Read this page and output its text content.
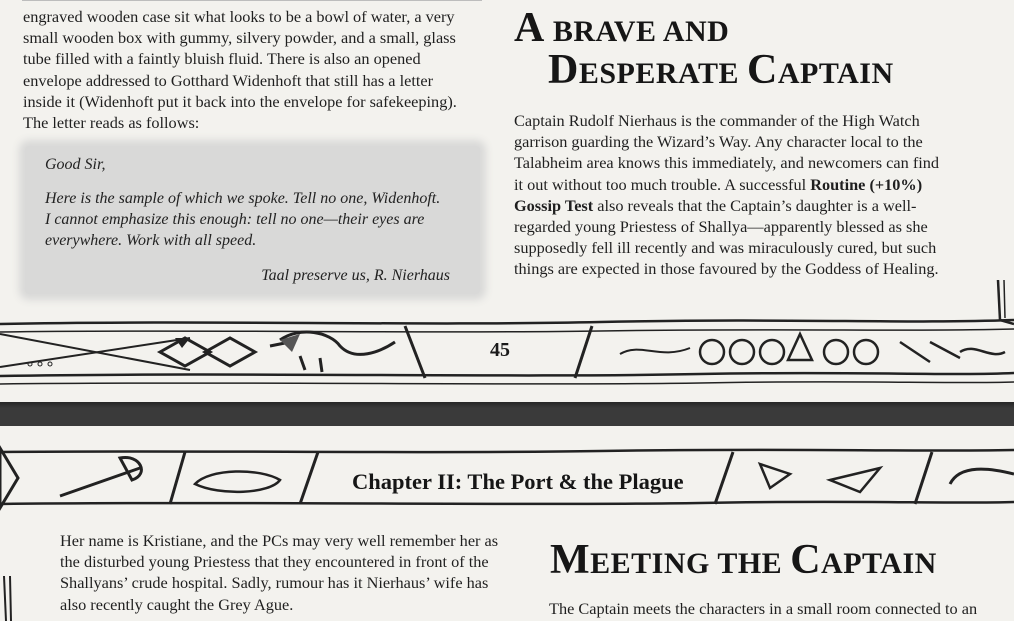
engraved wooden case sit what looks to be a bowl of water, a very
small wooden box with gummy, silvery powder, and a small, glass
tube filled with a faintly bluish fluid. There is also an opened
envelope addressed to Gotthard Widenhoft that still has a letter
inside it (Widenhoft put it back into the envelope for safekeeping).
The letter reads as follows:

Good Sir,

Here is the sample of which we spoke. Tell no one, Widenhoft.

I cannot emphasize this enough: tell no one—their eyes are

everywhere. Work with all speed.

Taal preserve us, R. Nierhaus

A BRAVE AND
DESPERATE CAPTAIN
Captain Rudolf Nierhaus is the commander of the High Watch
garrison guarding the Wizard’s Way. Any character local to the
Talabheim area knows this immediately, and newcomers can find
it out without too much trouble. A successful Routine (+10%)
Gossip Test also reveals that the Captain’s daughter is a well-
regarded young Priestess of Shallya—apparently blessed as she
supposedly fell ill recently and was miraculously cured, but such
things are expected in those favoured by the Goddess of Healing.
45
Her name is Kristiane, and the PCs may very well remember her as
the disturbed young Priestess that they encountered in front of the
Shallyans’ crude hospital. Sadly, rumour has it Nierhaus’ wife has
also recently caught the Grey Ague.
MEETING THE CAPTAIN
The Captain meets the characters in a small room connected to an
Chapter II: The Port & the Plague
